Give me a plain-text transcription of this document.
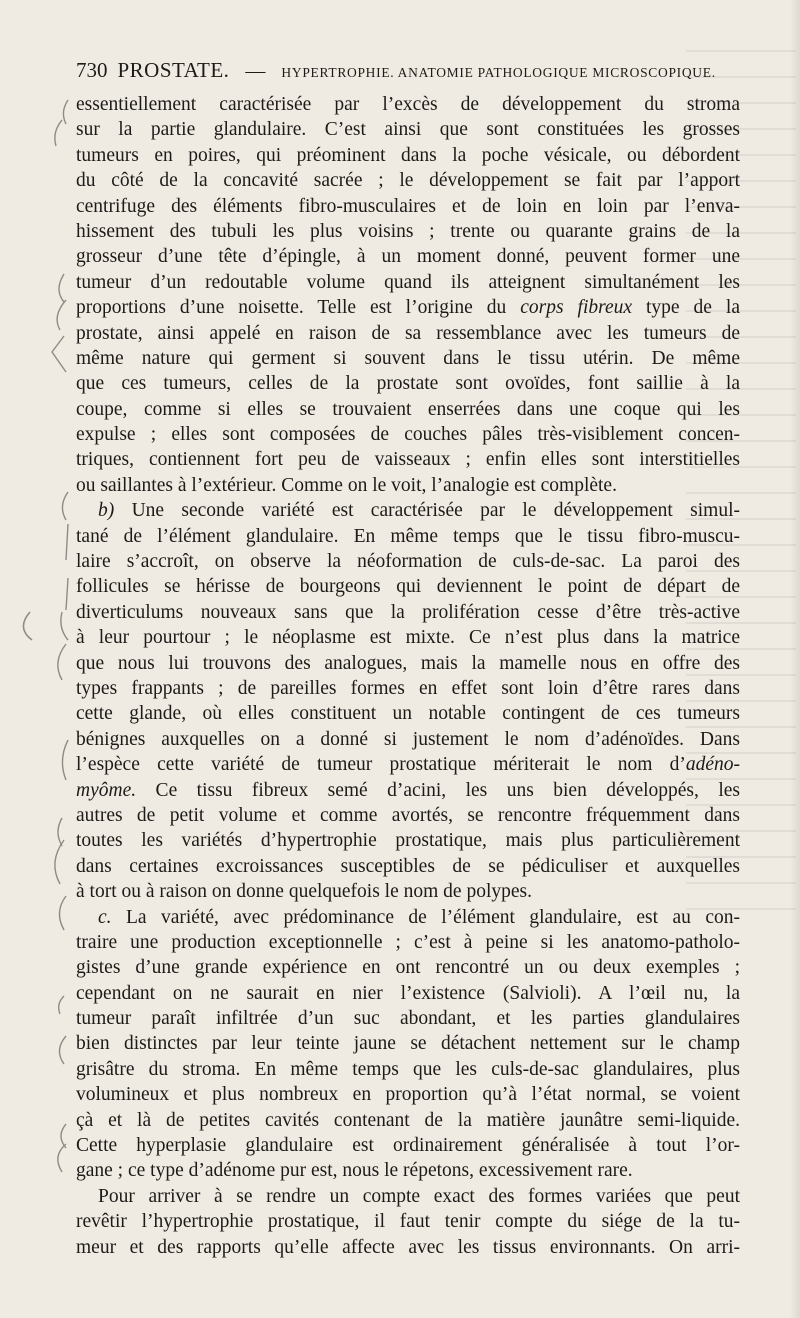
730 PROSTATE. — HYPERTROPHIE. ANATOMIE PATHOLOGIQUE MICROSCOPIQUE.
essentiellement caractérisée par l’excès de développement du stroma
sur la partie glandulaire. C’est ainsi que sont constituées les grosses
tumeurs en poires, qui préominent dans la poche vésicale, ou débordent
du côté de la concavité sacrée ; le développement se fait par l’apport
centrifuge des éléments fibro-musculaires et de loin en loin par l’enva-
hissement des tubuli les plus voisins ; trente ou quarante grains de la
grosseur d’une tête d’épingle, à un moment donné, peuvent former une
tumeur d’un redoutable volume quand ils atteignent simultanément les
proportions d’une noisette. Telle est l’origine du corps fibreux type de la
prostate, ainsi appelé en raison de sa ressemblance avec les tumeurs de
même nature qui germent si souvent dans le tissu utérin. De même
que ces tumeurs, celles de la prostate sont ovoïdes, font saillie à la
coupe, comme si elles se trouvaient enserrées dans une coque qui les
expulse ; elles sont composées de couches pâles très-visiblement concen-
triques, contiennent fort peu de vaisseaux ; enfin elles sont interstitielles
ou saillantes à l’extérieur. Comme on le voit, l’analogie est complète.
b) Une seconde variété est caractérisée par le développement simul-
tané de l’élément glandulaire. En même temps que le tissu fibro-muscu-
laire s’accroît, on observe la néoformation de culs-de-sac. La paroi des
follicules se hérisse de bourgeons qui deviennent le point de départ de
diverticulums nouveaux sans que la prolifération cesse d’être très-active
à leur pourtour ; le néoplasme est mixte. Ce n’est plus dans la matrice
que nous lui trouvons des analogues, mais la mamelle nous en offre des
types frappants ; de pareilles formes en effet sont loin d’être rares dans
cette glande, où elles constituent un notable contingent de ces tumeurs
bénignes auxquelles on a donné si justement le nom d’adénoïdes. Dans
l’espèce cette variété de tumeur prostatique mériterait le nom d’adéno-
myôme. Ce tissu fibreux semé d’acini, les uns bien développés, les
autres de petit volume et comme avortés, se rencontre fréquemment dans
toutes les variétés d’hypertrophie prostatique, mais plus particulièrement
dans certaines excroissances susceptibles de se pédiculiser et auxquelles
à tort ou à raison on donne quelquefois le nom de polypes.
c. La variété, avec prédominance de l’élément glandulaire, est au con-
traire une production exceptionnelle ; c’est à peine si les anatomo-patholo-
gistes d’une grande expérience en ont rencontré un ou deux exemples ;
cependant on ne saurait en nier l’existence (Salvioli). A l’œil nu, la
tumeur paraît infiltrée d’un suc abondant, et les parties glandulaires
bien distinctes par leur teinte jaune se détachent nettement sur le champ
grisâtre du stroma. En même temps que les culs-de-sac glandulaires, plus
volumineux et plus nombreux en proportion qu’à l’état normal, se voient
çà et là de petites cavités contenant de la matière jaunâtre semi-liquide.
Cette hyperplasie glandulaire est ordinairement généralisée à tout l’or-
gane ; ce type d’adénome pur est, nous le répetons, excessivement rare.
Pour arriver à se rendre un compte exact des formes variées que peut
revêtir l’hypertrophie prostatique, il faut tenir compte du siége de la tu-
meur et des rapports qu’elle affecte avec les tissus environnants. On arri-
